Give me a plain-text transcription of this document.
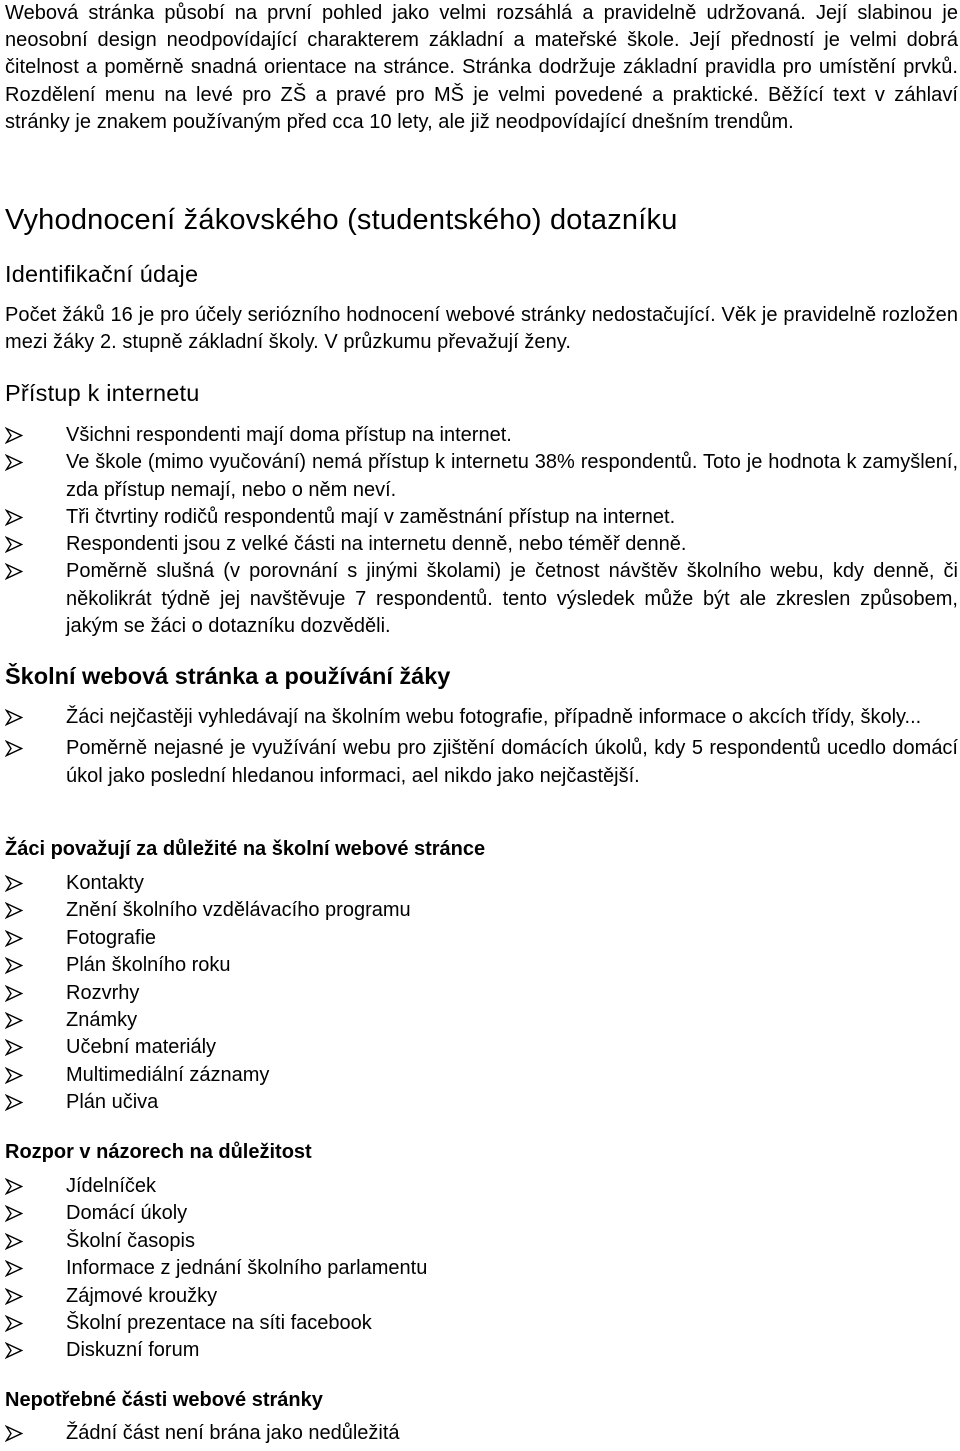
Webová stránka působí na první pohled jako velmi rozsáhlá a pravidelně udržovaná. Její slabinou je neosobní design neodpovídající charakterem základní a mateřské škole. Její předností je velmi dobrá čitelnost a poměrně snadná orientace na stránce. Stránka dodržuje základní pravidla pro umístění prvků. Rozdělení menu na levé pro ZŠ a pravé pro MŠ je velmi povedené a praktické. Běžící text v záhlaví stránky je znakem používaným před cca 10 lety, ale již neodpovídající dnešním trendům.

Vyhodnocení žákovského (studentského) dotazníku
Identifikační údaje

Počet žáků 16 je pro účely seriózního hodnocení webové stránky nedostačující. Věk je pravidelně rozložen mezi žáky 2. stupně základní školy. V průzkumu převažují ženy.

Přístup k internetu
Všichni respondenti mají doma přístup na internet.
Ve škole (mimo vyučování) nemá přístup k internetu 38% respondentů. Toto je hodnota k zamyšlení, zda přístup nemají, nebo o něm neví.
Tři čtvrtiny rodičů respondentů mají v zaměstnání přístup na internet.
Respondenti jsou z velké části na internetu denně, nebo téměř denně.
Poměrně slušná (v porovnání s jinými školami) je četnost návštěv školního webu, kdy denně, či několikrát týdně jej navštěvuje 7 respondentů. tento výsledek může být ale zkreslen způsobem, jakým se žáci o dotazníku dozvěděli.
Školní webová stránka a používání žáky
Žáci nejčastěji vyhledávají na školním webu fotografie, případně informace o akcích třídy, školy...
Poměrně nejasné je využívání webu pro zjištění domácích úkolů, kdy 5 respondentů ucedlo domácí úkol jako poslední hledanou informaci, ael nikdo jako nejčastější.
Žáci považují za důležité na školní webové stránce
Kontakty
Znění školního vzdělávacího programu
Fotografie
Plán školního roku
Rozvrhy
Známky
Učební materiály
Multimediální záznamy
Plán učiva
Rozpor v názorech na důležitost
Jídelníček
Domácí úkoly
Školní časopis
Informace z jednání školního parlamentu
Zájmové kroužky
Školní prezentace na síti facebook
Diskuzní forum
Nepotřebné části webové stránky
Žádní část není brána jako nedůležitá
